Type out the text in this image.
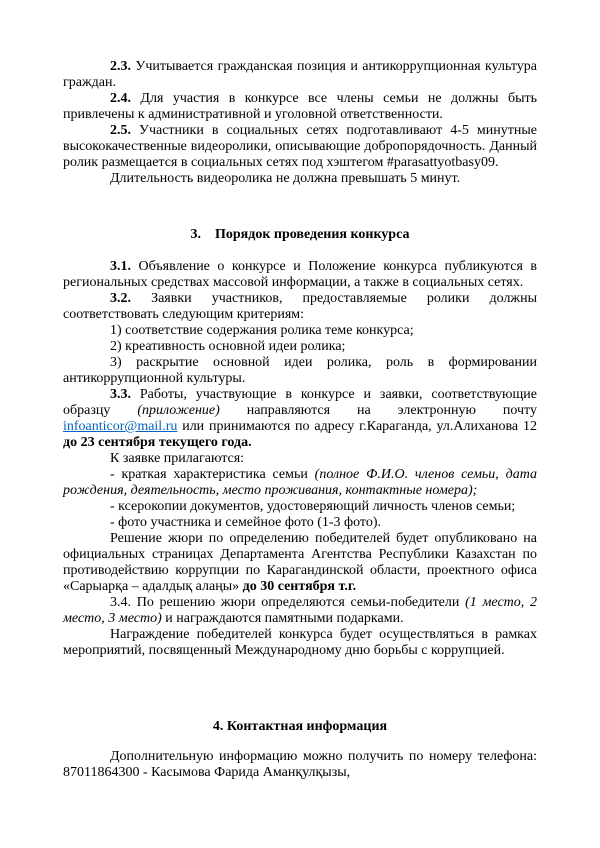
2.3. Учитывается гражданская позиция и антикоррупционная культура граждан.

2.4. Для участия в конкурсе все члены семьи не должны быть привлечены к административной и уголовной ответственности.

2.5. Участники в социальных сетях подготавливают 4-5 минутные высококачественные видеоролики, описывающие добропорядочность. Данный ролик размещается в социальных сетях под хэштегом #parasattyotbasy09.

Длительность видеоролика не должна превышать 5 минут.

3.    Порядок проведения конкурса

3.1. Объявление о конкурсе и Положение конкурса публикуются в региональных средствах массовой информации, а также в социальных сетях.

3.2. Заявки участников, предоставляемые ролики должны соответствовать следующим критериям:

1) соответствие содержания ролика теме конкурса;

2) креативность основной идеи ролика;

3) раскрытие основной идеи ролика, роль в формировании антикоррупционной культуры.

3.3. Работы, участвующие в конкурсе и заявки, соответствующие образцу (приложение) направляются на электронную почту infoanticor@mail.ru или принимаются по адресу г.Караганда, ул.Алиханова 12 до 23 сентября текущего года.

К заявке прилагаются:

- краткая характеристика семьи (полное Ф.И.О. членов семьи, дата рождения, деятельность, место проживания, контактные номера);

- ксерокопии документов, удостоверяющий личность членов семьи;

- фото участника и семейное фото (1-3 фото).

Решение жюри по определению победителей будет опубликовано на официальных страницах Департамента Агентства Республики Казахстан по противодействию коррупции по Карагандинской области, проектного офиса «Сарыарқа – адалдық алаңы» до 30 сентября т.г.

3.4. По решению жюри определяются семьи-победители (1 место, 2 место, 3 место) и награждаются памятными подарками.

Награждение победителей конкурса будет осуществляться в рамках мероприятий, посвященный Международному дню борьбы с коррупцией.

4. Контактная информация

Дополнительную информацию можно получить по номеру телефона: 87011864300 - Касымова Фарида Аманқулқызы,
